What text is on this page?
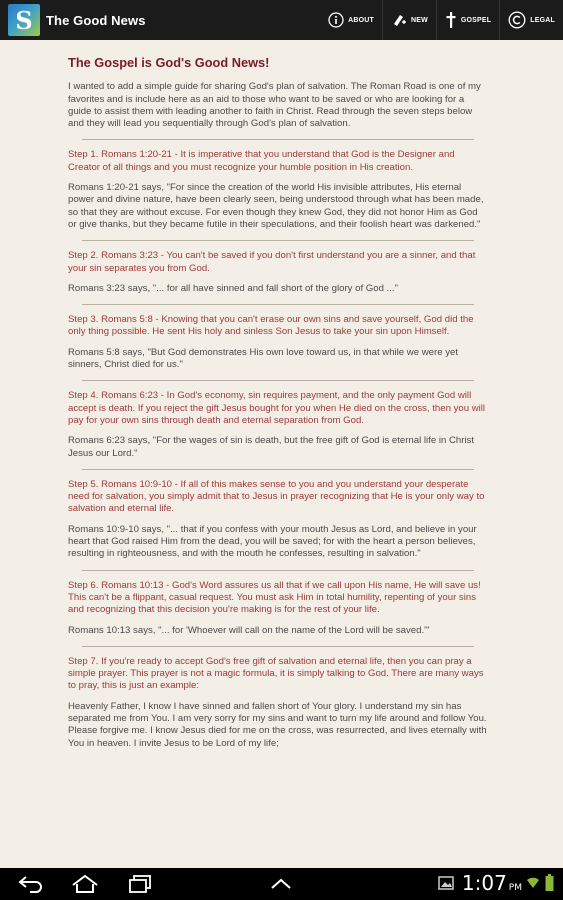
S	The Good News	ABOUT	NEW	GOSPEL	LEGAL
The Gospel is God's Good News!

I wanted to add a simple guide for sharing God's plan of salvation. The Roman Road is one of my favorites and is include here as an aid to those who want to be saved or who are looking for a guide to assist them with leading another to faith in Christ. Read through the seven steps below and they will lead you sequentially through God's plan of salvation.

Step 1. Romans 1:20-21 - It is imperative that you understand that God is the Designer and Creator of all things and you must recognize your humble position in His creation.

Romans 1:20-21 says, "For since the creation of the world His invisible attributes, His eternal power and divine nature, have been clearly seen, being understood through what has been made, so that they are without excuse. For even though they knew God, they did not honor Him as God or give thanks, but they became futile in their speculations, and their foolish heart was darkened."

Step 2. Romans 3:23 - You can't be saved if you don't first understand you are a sinner, and that your sin separates you from God.

Romans 3:23 says, "... for all have sinned and fall short of the glory of God ..."

Step 3. Romans 5:8 - Knowing that you can't erase our own sins and save yourself, God did the only thing possible. He sent His holy and sinless Son Jesus to take your sin upon Himself.

Romans 5:8 says, "But God demonstrates His own love toward us, in that while we were yet sinners, Christ died for us."

Step 4. Romans 6:23 - In God's economy, sin requires payment, and the only payment God will accept is death. If you reject the gift Jesus bought for you when He died on the cross, then you will pay for your own sins through death and eternal separation from God.

Romans 6:23 says, "For the wages of sin is death, but the free gift of God is eternal life in Christ Jesus our Lord."

Step 5. Romans 10:9-10 - If all of this makes sense to you and you understand your desperate need for salvation, you simply admit that to Jesus in prayer recognizing that He is your only way to salvation and eternal life.

Romans 10:9-10 says, "... that if you confess with your mouth Jesus as Lord, and believe in your heart that God raised Him from the dead, you will be saved; for with the heart a person believes, resulting in righteousness, and with the mouth he confesses, resulting in salvation."

Step 6. Romans 10:13 - God's Word assures us all that if we call upon His name, He will save us! This can't be a flippant, casual request. You must ask Him in total humility, repenting of your sins and recognizing that this decision you're making is for the rest of your life.

Romans 10:13 says, "... for 'Whoever will call on the name of the Lord will be saved.'"

Step 7. If you're ready to accept God's free gift of salvation and eternal life, then you can pray a simple prayer. This prayer is not a magic formula, it is simply talking to God. There are many ways to pray, this is just an example:

Heavenly Father, I know I have sinned and fallen short of Your glory. I understand my sin has separated me from You. I am very sorry for my sins and want to turn my life around and follow You. Please forgive me. I know Jesus died for me on the cross, was resurrected, and lives eternally with You in heaven. I invite Jesus to be Lord of my life;

1:07 PM
